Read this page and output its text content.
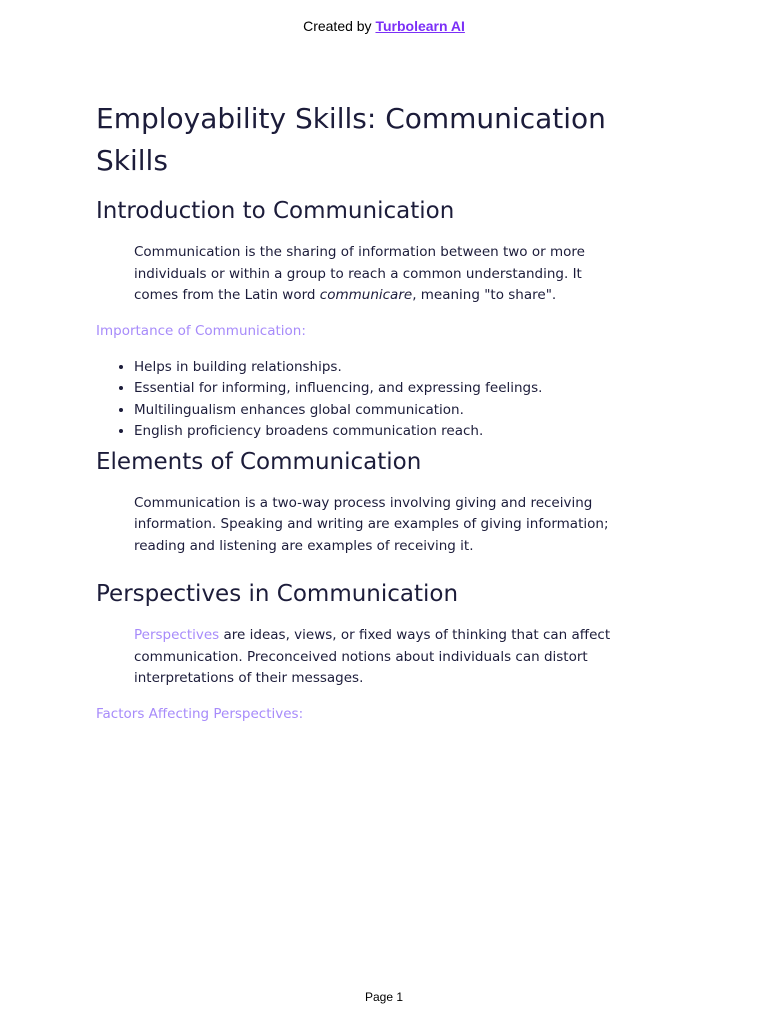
Created by Turbolearn AI
Employability Skills: Communication Skills
Introduction to Communication

Communication is the sharing of information between two or more individuals or within a group to reach a common understanding. It comes from the Latin word communicare, meaning "to share".

Importance of Communication:

• Helps in building relationships.
• Essential for informing, influencing, and expressing feelings.
• Multilingualism enhances global communication.
• English proficiency broadens communication reach.
Elements of Communication

Communication is a two-way process involving giving and receiving information. Speaking and writing are examples of giving information; reading and listening are examples of receiving it.

Perspectives in Communication

Perspectives are ideas, views, or fixed ways of thinking that can affect communication. Preconceived notions about individuals can distort interpretations of their messages.

Factors Affecting Perspectives:

Page 1
